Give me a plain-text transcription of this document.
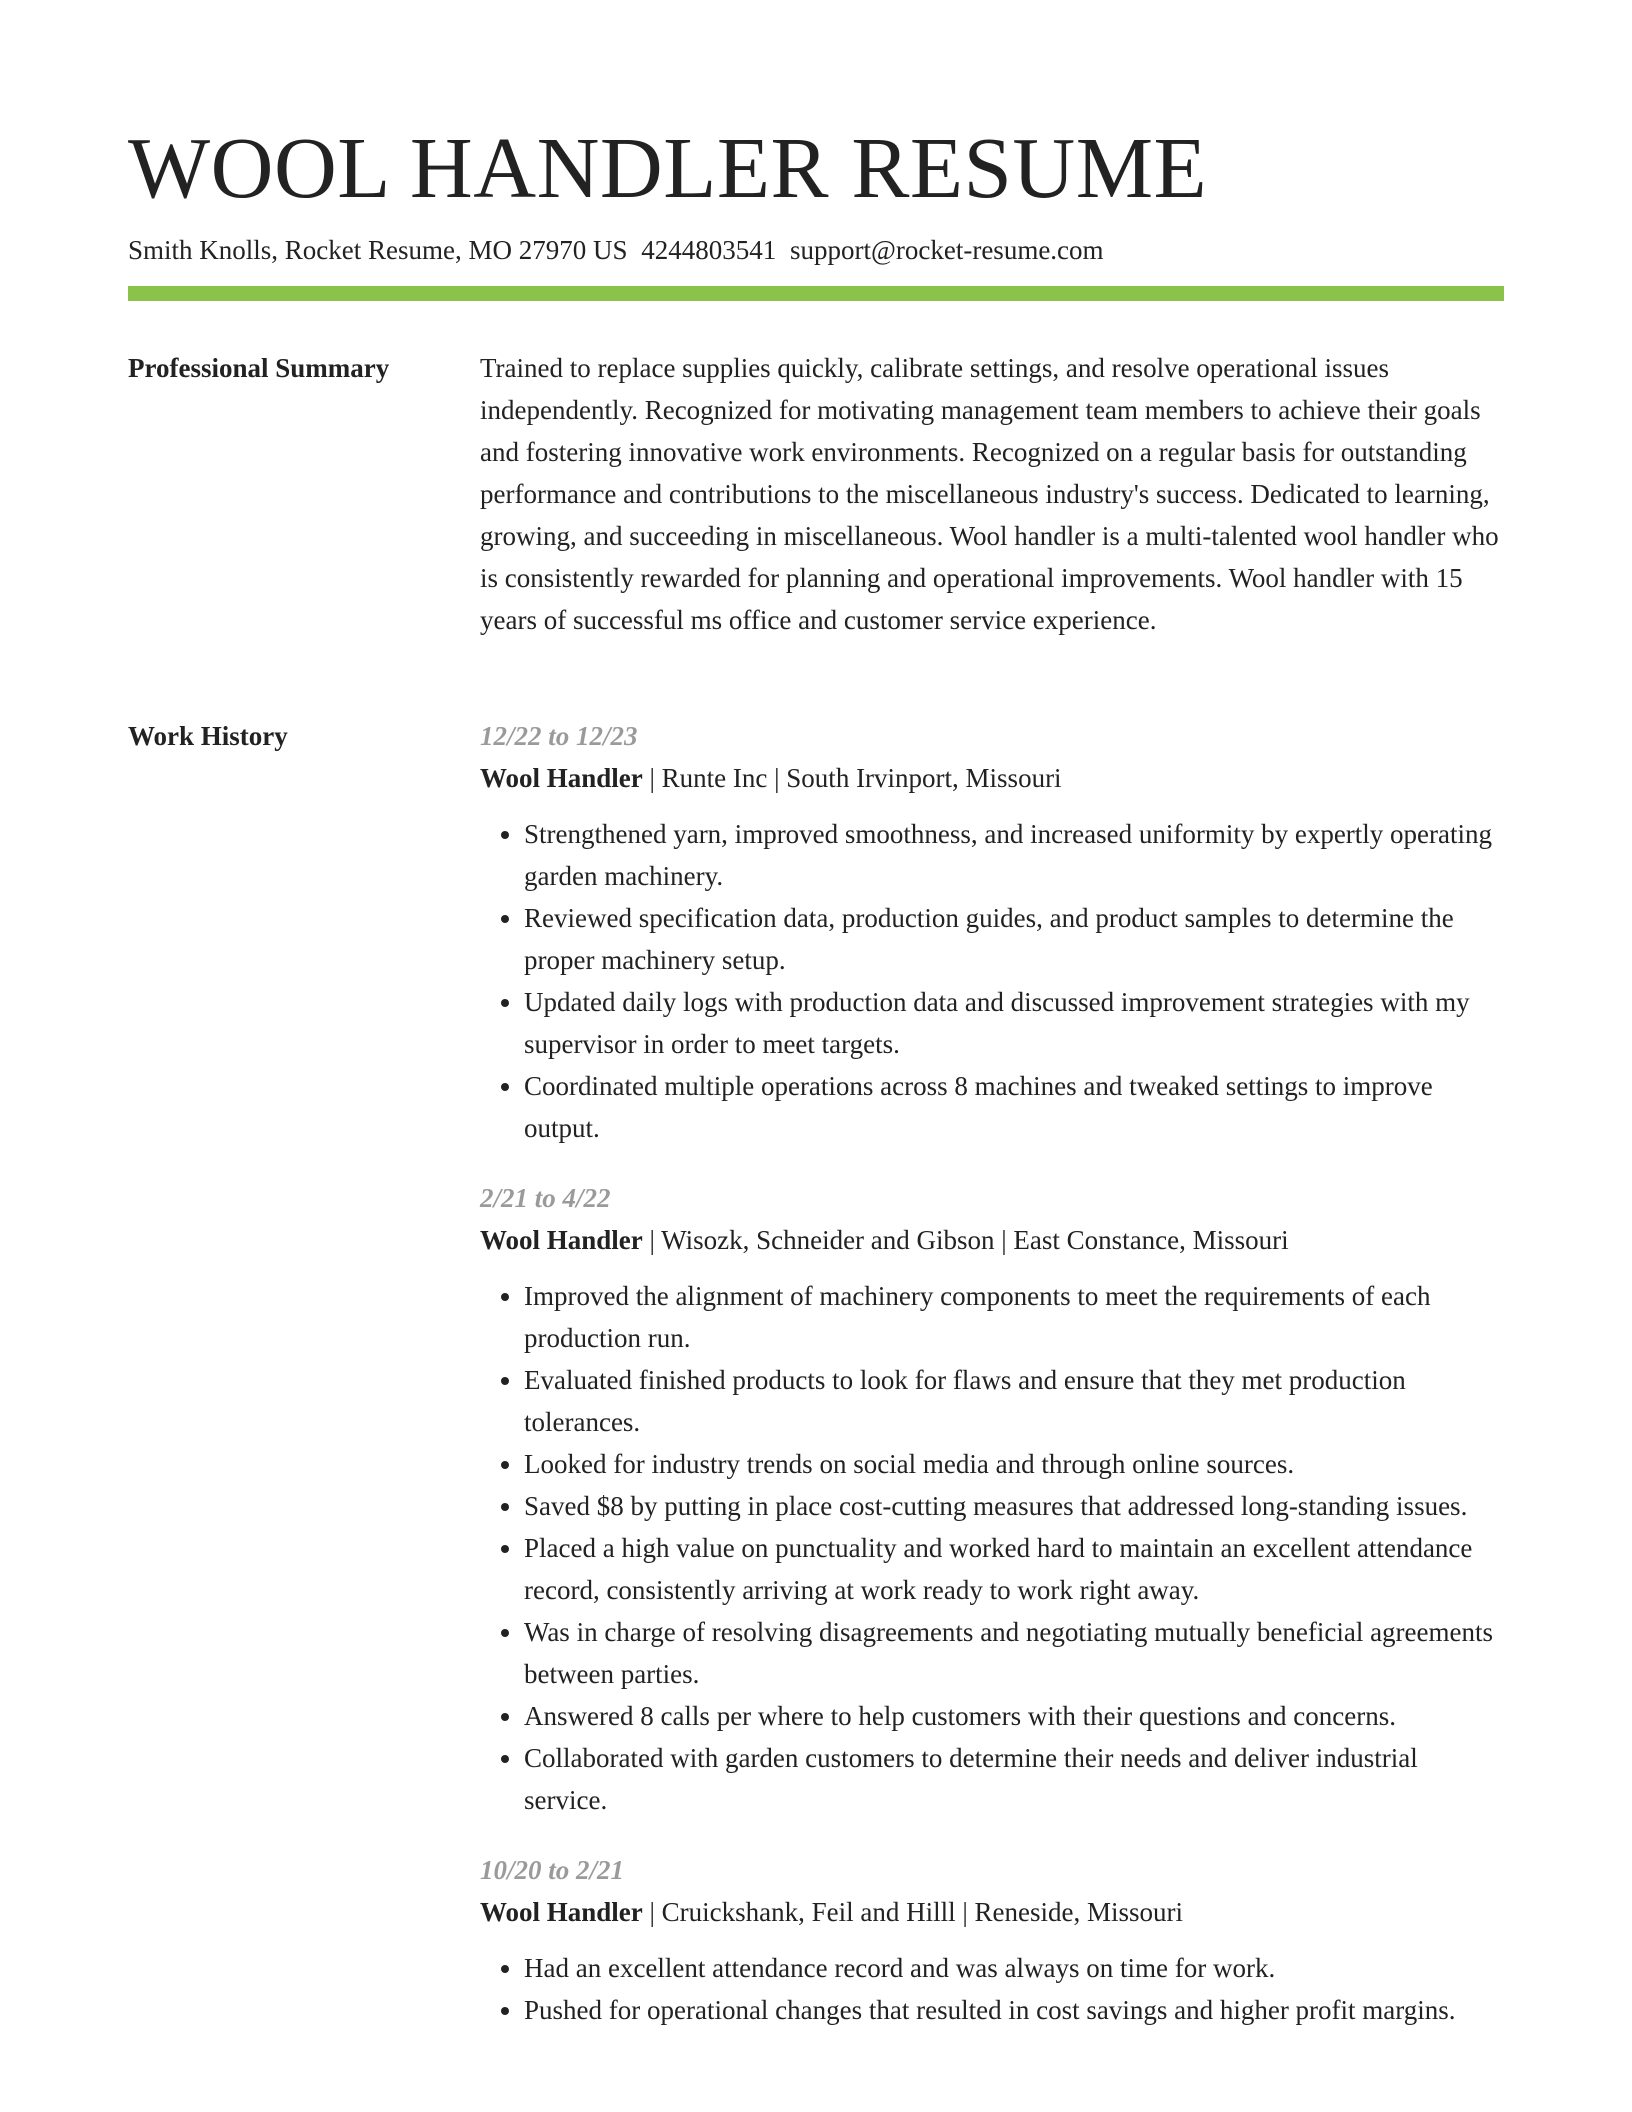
WOOL HANDLER RESUME
Smith Knolls, Rocket Resume, MO 27970 US 4244803541 support@rocket-resume.com
Professional Summary	Trained to replace supplies quickly, calibrate settings, and resolve operational issues independently. Recognized for motivating management team members to achieve their goals and fostering innovative work environments. Recognized on a regular basis for outstanding performance and contributions to the miscellaneous industry's success. Dedicated to learning, growing, and succeeding in miscellaneous. Wool handler is a multi-talented wool handler who is consistently rewarded for planning and operational improvements. Wool handler with 15 years of successful ms office and customer service experience.

Work History	12/22 to 12/23
Wool Handler | Runte Inc | South Irvinport, Missouri
• Strengthened yarn, improved smoothness, and increased uniformity by expertly operating garden machinery.
• Reviewed specification data, production guides, and product samples to determine the proper machinery setup.
• Updated daily logs with production data and discussed improvement strategies with my supervisor in order to meet targets.
• Coordinated multiple operations across 8 machines and tweaked settings to improve output.
2/21 to 4/22
Wool Handler | Wisozk, Schneider and Gibson | East Constance, Missouri
• Improved the alignment of machinery components to meet the requirements of each production run.
• Evaluated finished products to look for flaws and ensure that they met production tolerances.
• Looked for industry trends on social media and through online sources.
• Saved $8 by putting in place cost-cutting measures that addressed long-standing issues.
• Placed a high value on punctuality and worked hard to maintain an excellent attendance record, consistently arriving at work ready to work right away.
• Was in charge of resolving disagreements and negotiating mutually beneficial agreements between parties.
• Answered 8 calls per where to help customers with their questions and concerns.
• Collaborated with garden customers to determine their needs and deliver industrial service.
10/20 to 2/21
Wool Handler | Cruickshank, Feil and Hilll | Reneside, Missouri
• Had an excellent attendance record and was always on time for work.
• Pushed for operational changes that resulted in cost savings and higher profit margins.
